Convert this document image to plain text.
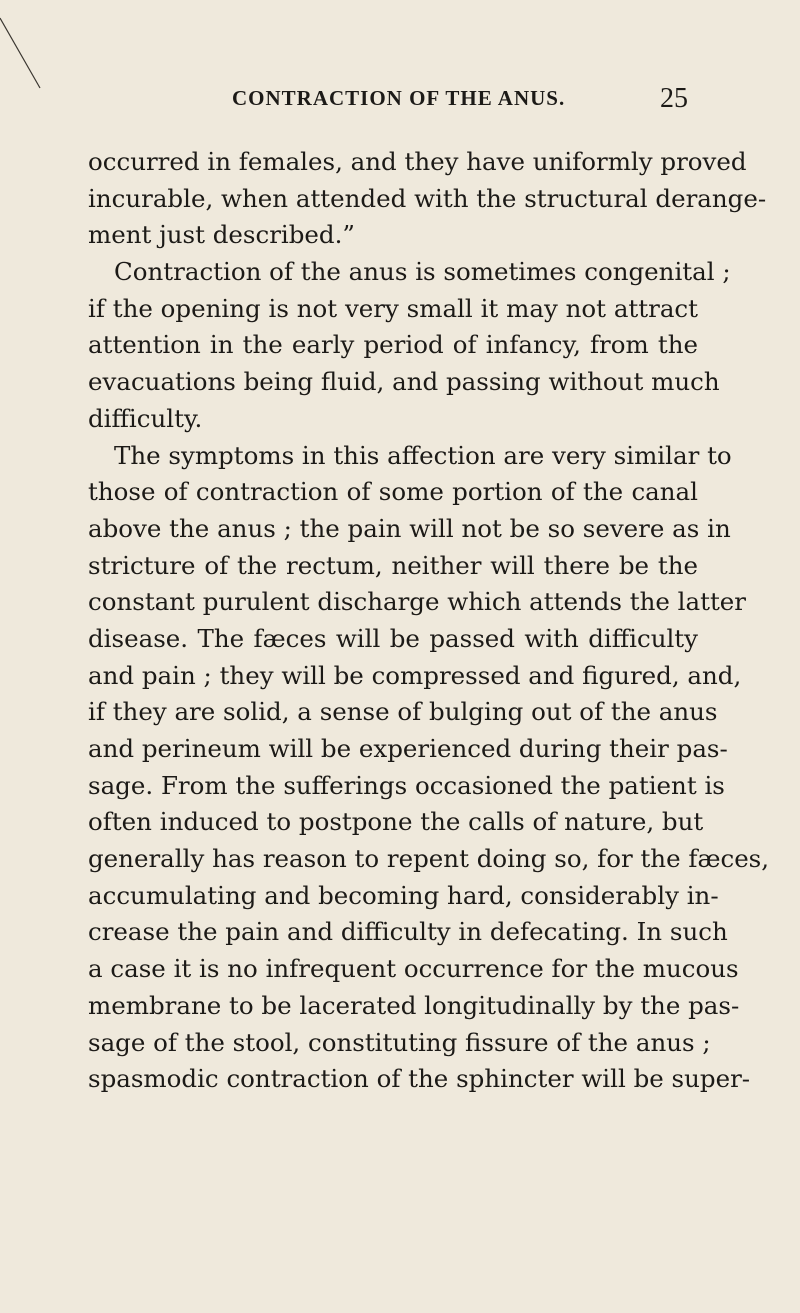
CONTRACTION OF THE ANUS.	25
occurred in females, and they have uniformly proved
incurable, when attended with the structural derange-
ment just described.”
Contraction of the anus is sometimes congenital ;
if the opening is not very small it may not attract
attention in the early period of infancy, from the
evacuations being fluid, and passing without much
difficulty.
The symptoms in this affection are very similar to
those of contraction of some portion of the canal
above the anus ; the pain will not be so severe as in
stricture of the rectum, neither will there be the
constant purulent discharge which attends the latter
disease. The fæces will be passed with difficulty
and pain ; they will be compressed and figured, and,
if they are solid, a sense of bulging out of the anus
and perineum will be experienced during their pas-
sage. From the sufferings occasioned the patient is
often induced to postpone the calls of nature, but
generally has reason to repent doing so, for the fæces,
accumulating and becoming hard, considerably in-
crease the pain and difficulty in defecating. In such
a case it is no infrequent occurrence for the mucous
membrane to be lacerated longitudinally by the pas-
sage of the stool, constituting fissure of the anus ;
spasmodic contraction of the sphincter will be super-
